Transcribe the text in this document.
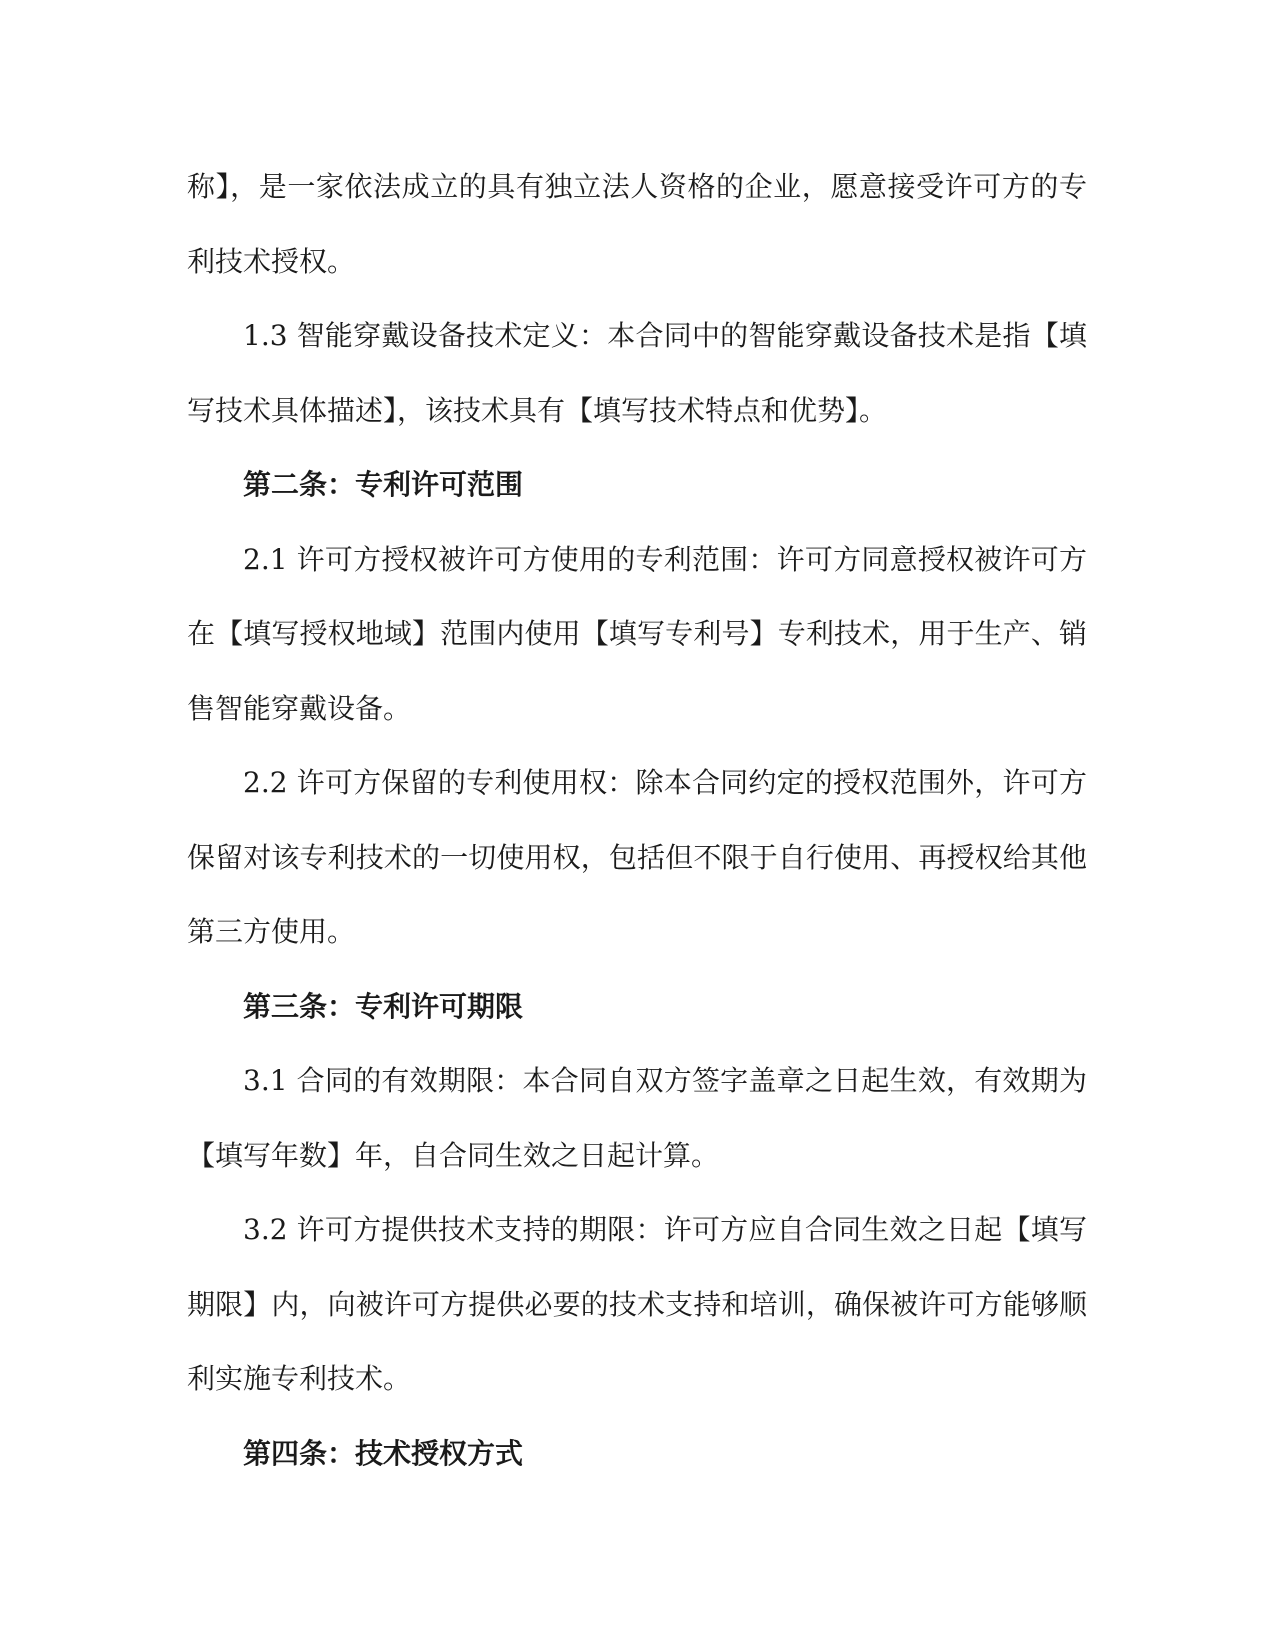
称】，是一家依法成立的具有独立法人资格的企业，愿意接受许可方的专利技术授权。

1.3 智能穿戴设备技术定义：本合同中的智能穿戴设备技术是指【填写技术具体描述】，该技术具有【填写技术特点和优势】。

第二条：专利许可范围

2.1 许可方授权被许可方使用的专利范围：许可方同意授权被许可方在【填写授权地域】范围内使用【填写专利号】专利技术，用于生产、销售智能穿戴设备。

2.2 许可方保留的专利使用权：除本合同约定的授权范围外，许可方保留对该专利技术的一切使用权，包括但不限于自行使用、再授权给其他第三方使用。

第三条：专利许可期限

3.1 合同的有效期限：本合同自双方签字盖章之日起生效，有效期为【填写年数】年，自合同生效之日起计算。

3.2 许可方提供技术支持的期限：许可方应自合同生效之日起【填写期限】内，向被许可方提供必要的技术支持和培训，确保被许可方能够顺利实施专利技术。

第四条：技术授权方式
